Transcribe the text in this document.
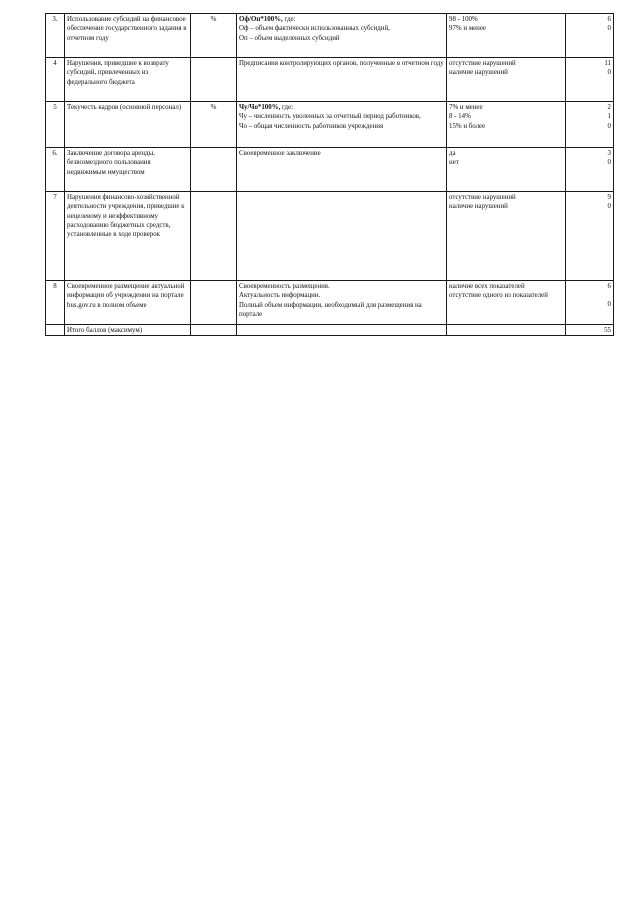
3.	Использование субсидий на финансовое обеспечение государственного задания в отчетном году	%	Оф/Оп*100%, где:
Оф – объем фактически использованных субсидий,
Оп – объем выделенных субсидий	98 - 100%
97% и менее	6
0

4	Нарушения, приведшие к возврату субсидий, привлеченных из федерального бюджета		Предписания контролирующих органов, полученные в отчетном году	отсутствие нарушений
наличие нарушений	11
0

5	Текучесть кадров (основной персонал)	%	Чу/Чо*100%, где:
Чу – численность уволенных за отчетный период работников,
Чо – общая численность работников учреждения	7% и менее
8 - 14%
15% и более	2
1
0

6.	Заключение договора аренды, безвозмездного пользования недвижимым имуществом		Своевременное заключение	да
нет	3
0

7	Нарушения финансово-хозяйственной деятельности учреждения, приведшие к нецелевому и неэффективному расходованию бюджетных средств, установленные в ходе проверок			отсутствие нарушений
наличие нарушений	9
0

8	Своевременное размещение актуальной информации об учреждении на портале bus.gov.ru в полном объеме		Своевременность размещения.
Актуальность информации.
Полный объем информации, необходимый для размещения на портале	наличие всех показателей
отсутствие одного из показателей	6
0

	Итого баллов (максимум)				55
